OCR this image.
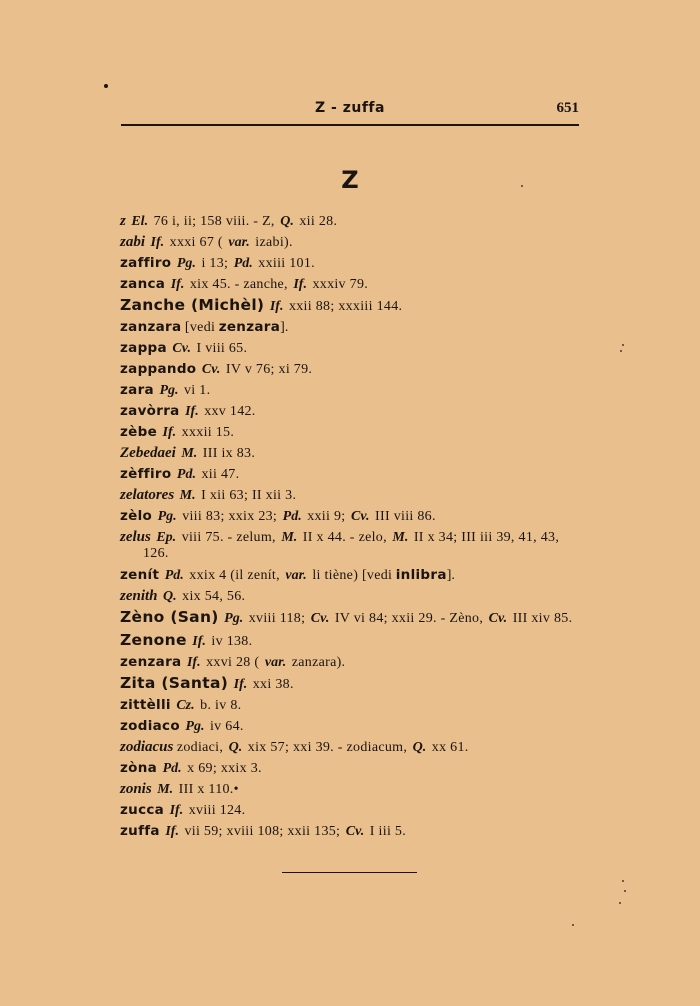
Z - zuffa	651
Z
z El. 76 i, ii; 158 viii. - Z, Q. xii 28.
zabi If. xxxi 67 ( var. izabi).
zaffiro Pg. i 13; Pd. xxiii 101.
zanca If. xix 45. - zanche, If. xxxiv 79.
Zanche (Michèl) If. xxii 88; xxxiii 144.
zanzara [vedi zenzara].
zappa Cv. I viii 65.
zappando Cv. IV v 76; xi 79.
zara Pg. vi 1.
zavòrra If. xxv 142.
zèbe If. xxxii 15.
Zebedaei M. III ix 83.
zèffiro Pd. xii 47.
zelatores M. I xii 63; II xii 3.
zèlo Pg. viii 83; xxix 23; Pd. xxii 9; Cv. III viii 86.
zelus Ep. viii 75. - zelum, M. II x 44. - zelo, M. II x 34; III iii 39, 41, 43, 126.
zenít Pd. xxix 4 (il zenít, var. li tiène) [vedi inlibra].
zenith Q. xix 54, 56.
Zèno (San) Pg. xviii 118; Cv. IV vi 84; xxii 29. - Zèno, Cv. III xiv 85.
Zenone If. iv 138.
zenzara If. xxvi 28 ( var. zanzara).
Zita (Santa) If. xxi 38.
zittèlli Cz. b. iv 8.
zodiaco Pg. iv 64.
zodiacus zodiaci, Q. xix 57; xxi 39. - zodiacum, Q. xx 61.
zòna Pd. x 69; xxix 3.
zonis M. III x 110.•
zucca If. xviii 124.
zuffa If. vii 59; xviii 108; xxii 135; Cv. I iii 5.
